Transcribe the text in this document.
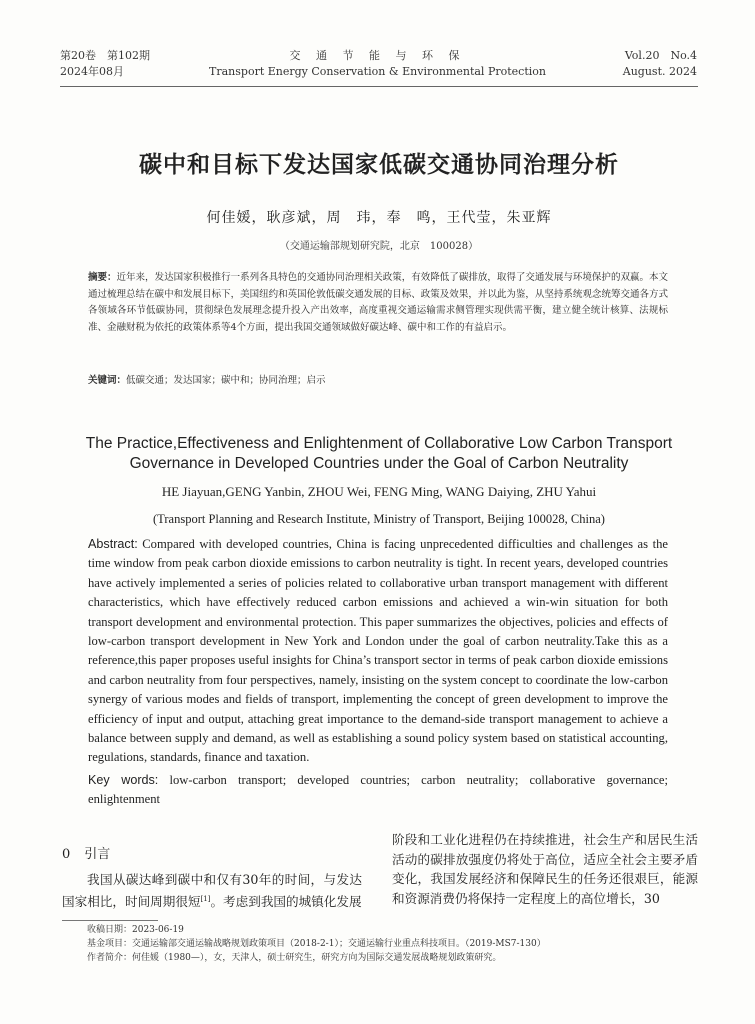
第20卷　第102期
2024年08月
交 通 节 能 与 环 保
Transport Energy Conservation & Environmental Protection
Vol.20　No.4
August. 2024
碳中和目标下发达国家低碳交通协同治理分析
何佳媛，耿彦斌，周　玮，奉　鸣，王代莹，朱亚辉
（交通运输部规划研究院，北京　100028）
摘要：近年来，发达国家积极推行一系列各具特色的交通协同治理相关政策，有效降低了碳排放，取得了交通发展与环境保护的双赢。本文通过梳理总结在碳中和发展目标下，美国纽约和英国伦敦低碳交通发展的目标、政策及效果，并以此为鉴，从坚持系统观念统筹交通各方式各领域各环节低碳协同，贯彻绿色发展理念提升投入产出效率，高度重视交通运输需求侧管理实现供需平衡，建立健全统计核算、法规标准、金融财税为依托的政策体系等4个方面，提出我国交通领域做好碳达峰、碳中和工作的有益启示。
关键词：低碳交通；发达国家；碳中和；协同治理；启示
The Practice,Effectiveness and Enlightenment of Collaborative Low Carbon Transport Governance in Developed Countries under the Goal of Carbon Neutrality
HE Jiayuan,GENG Yanbin, ZHOU Wei, FENG Ming, WANG Daiying, ZHU Yahui
(Transport Planning and Research Institute, Ministry of Transport, Beijing 100028, China)
Abstract: Compared with developed countries, China is facing unprecedented difficulties and challenges as the time window from peak carbon dioxide emissions to carbon neutrality is tight. In recent years, developed countries have actively implemented a series of policies related to collaborative urban transport management with different characteristics, which have effectively reduced carbon emissions and achieved a win-win situation for both transport development and environmental protection. This paper summarizes the objectives, policies and effects of low-carbon transport development in New York and London under the goal of carbon neutrality.Take this as a reference,this paper proposes useful insights for China’s transport sector in terms of peak carbon dioxide emissions and carbon neutrality from four perspectives, namely, insisting on the system concept to coordinate the low-carbon synergy of various modes and fields of transport, implementing the concept of green development to improve the efficiency of input and output, attaching great importance to the demand-side transport management to achieve a balance between supply and demand, as well as establishing a sound policy system based on statistical accounting, regulations, standards, finance and taxation.
Key words: low-carbon transport; developed countries; carbon neutrality; collaborative governance; enlightenment
0 引言
我国从碳达峰到碳中和仅有30年的时间，与发达国家相比，时间周期很短[1]。考虑到我国的城镇化发展
阶段和工业化进程仍在持续推进，社会生产和居民生活活动的碳排放强度仍将处于高位，适应全社会主要矛盾变化，我国发展经济和保障民生的任务还很艰巨，能源和资源消费仍将保持一定程度上的高位增长，30
收稿日期：2023-06-19
基金项目：交通运输部交通运输战略规划政策项目（2018-2-1）；交通运输行业重点科技项目。（2019-MS7-130）
作者简介：何佳媛（1980—），女，天津人，硕士研究生，研究方向为国际交通发展战略规划政策研究。
